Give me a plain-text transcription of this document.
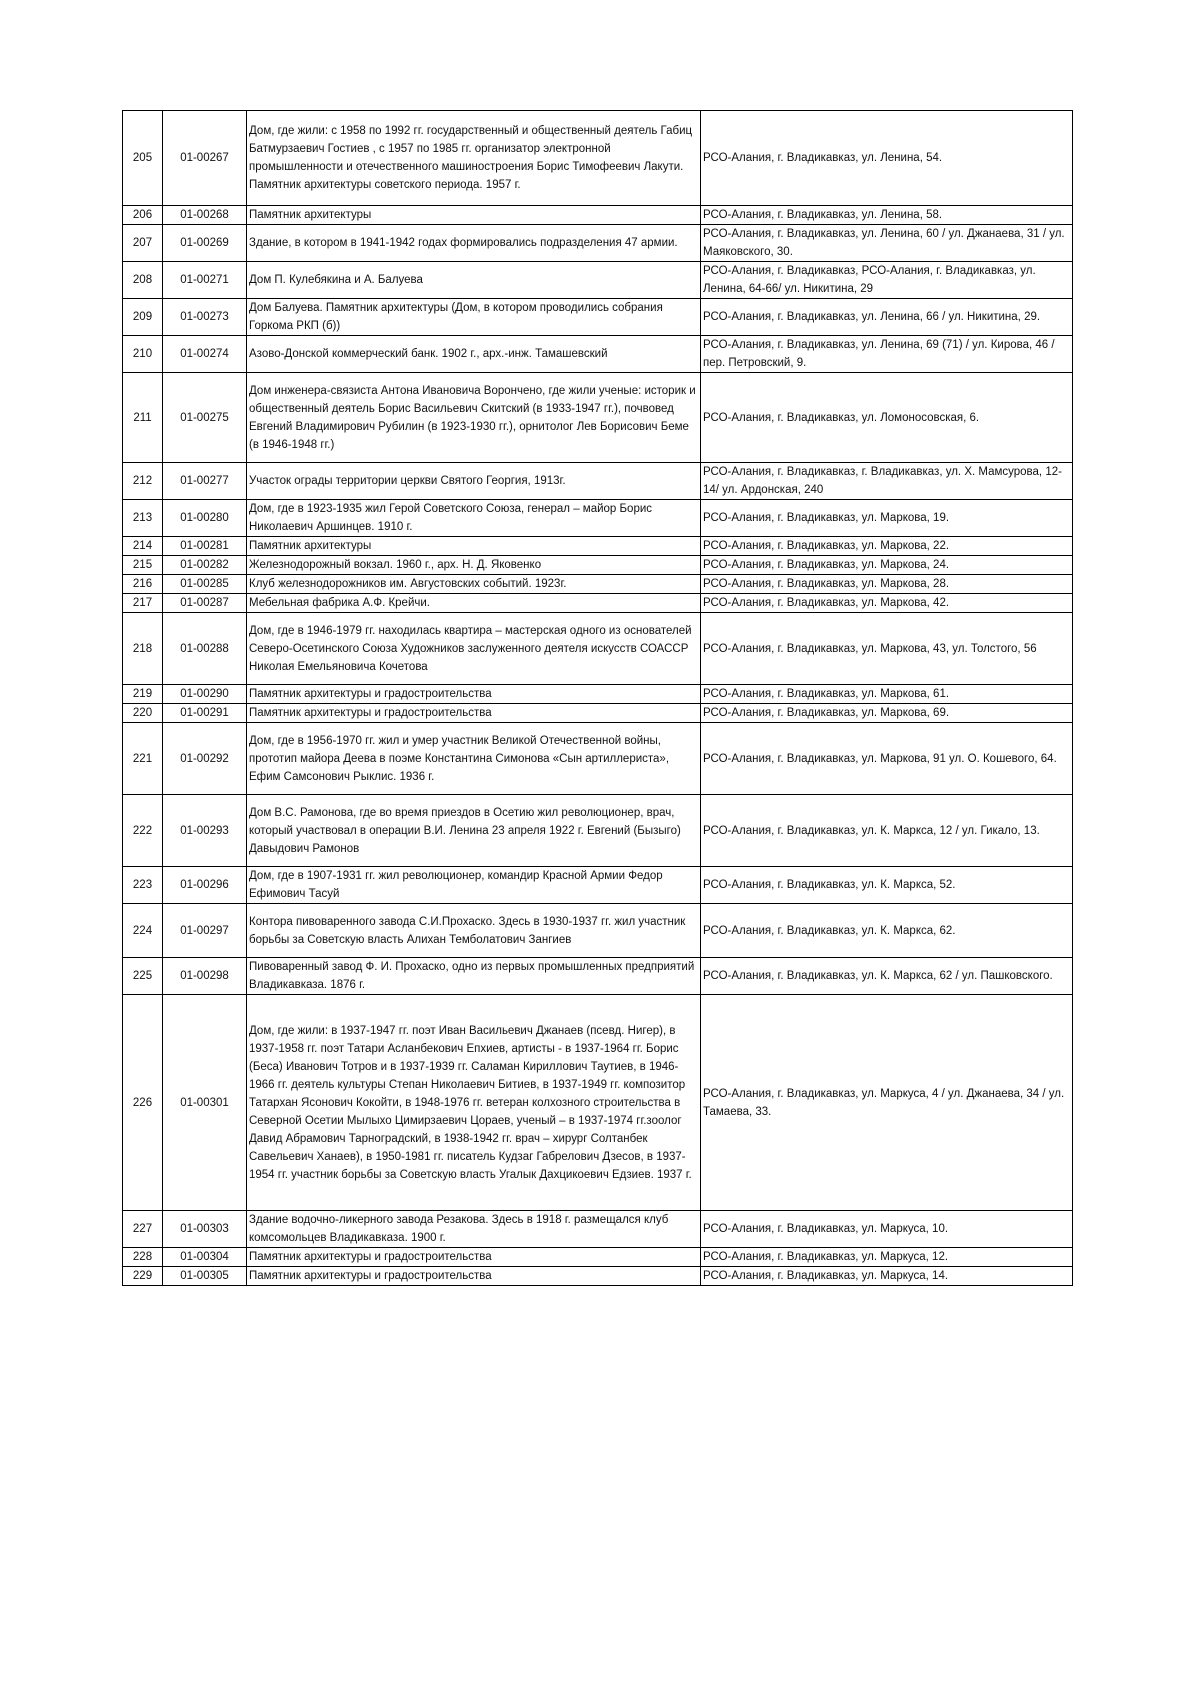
205	01-00267	Дом, где жили: с 1958 по 1992 гг. государственный и общественный деятель Габиц Батмурзаевич Гостиев , с 1957 по 1985 гг. организатор электронной промышленности и отечественного машиностроения Борис Тимофеевич Лакути. Памятник архитектуры советского периода. 1957 г.	РСО-Алания, г. Владикавказ, ул. Ленина, 54.
206	01-00268	Памятник архитектуры	РСО-Алания, г. Владикавказ, ул. Ленина, 58.
207	01-00269	Здание, в котором в 1941-1942 годах формировались подразделения 47 армии.	РСО-Алания, г. Владикавказ, ул. Ленина, 60 / ул. Джанаева, 31 / ул. Маяковского, 30.
208	01-00271	Дом П. Кулебякина и А. Балуева	РСО-Алания, г. Владикавказ, РСО-Алания, г. Владикавказ, ул. Ленина, 64-66/ ул. Никитина, 29
209	01-00273	Дом Балуева. Памятник архитектуры (Дом, в котором проводились собрания Горкома РКП (б))	РСО-Алания, г. Владикавказ, ул. Ленина, 66 / ул. Никитина, 29.
210	01-00274	Азово-Донской коммерческий банк. 1902 г., арх.-инж. Тамашевский	РСО-Алания, г. Владикавказ, ул. Ленина, 69 (71) / ул. Кирова, 46 / пер. Петровский, 9.
211	01-00275	Дом инженера-связиста Антона Ивановича Ворончено, где жили ученые: историк и общественный деятель Борис Васильевич Скитский (в 1933-1947 гг.), почвовед Евгений Владимирович Рубилин (в 1923-1930 гг.), орнитолог Лев Борисович Беме (в 1946-1948 гг.)	РСО-Алания, г. Владикавказ, ул. Ломоносовская, 6.
212	01-00277	Участок ограды территории церкви Святого Георгия, 1913г.	РСО-Алания, г. Владикавказ, г. Владикавказ, ул. Х. Мамсурова, 12-14/ ул. Ардонская, 240
213	01-00280	Дом, где в 1923-1935 жил Герой Советского Союза, генерал – майор Борис Николаевич Аршинцев. 1910 г.	РСО-Алания, г. Владикавказ, ул. Маркова, 19.
214	01-00281	Памятник архитектуры	РСО-Алания, г. Владикавказ, ул. Маркова, 22.
215	01-00282	Железнодорожный вокзал. 1960 г., арх. Н. Д. Яковенко	РСО-Алания, г. Владикавказ, ул. Маркова, 24.
216	01-00285	Клуб железнодорожников им. Августовских событий. 1923г.	РСО-Алания, г. Владикавказ, ул. Маркова, 28.
217	01-00287	Мебельная фабрика А.Ф. Крейчи.	РСО-Алания, г. Владикавказ, ул. Маркова, 42.
218	01-00288	Дом, где в 1946-1979 гг. находилась квартира – мастерская одного из основателей Северо-Осетинского Союза Художников заслуженного деятеля искусств СОАССР Николая Емельяновича Кочетова	РСО-Алания, г. Владикавказ, ул. Маркова, 43, ул. Толстого, 56
219	01-00290	Памятник архитектуры и градостроительства	РСО-Алания, г. Владикавказ, ул. Маркова, 61.
220	01-00291	Памятник архитектуры и градостроительства	РСО-Алания, г. Владикавказ, ул. Маркова, 69.
221	01-00292	Дом, где в 1956-1970 гг. жил и умер участник Великой Отечественной войны, прототип майора Деева в поэме Константина Симонова «Сын артиллериста», Ефим Самсонович Рыклис. 1936 г.	РСО-Алания, г. Владикавказ, ул. Маркова, 91 ул. О. Кошевого, 64.
222	01-00293	Дом В.С. Рамонова, где во время приездов в Осетию жил революционер, врач, который участвовал в операции В.И. Ленина 23 апреля 1922 г. Евгений (Бызыго) Давыдович Рамонов	РСО-Алания, г. Владикавказ, ул. К. Маркса, 12 / ул. Гикало, 13.
223	01-00296	Дом, где в 1907-1931 гг. жил революционер, командир Красной Армии Федор Ефимович Тасуй	РСО-Алания, г. Владикавказ, ул. К. Маркса, 52.
224	01-00297	Контора пивоваренного завода С.И.Прохаско. Здесь в 1930-1937 гг. жил участник борьбы за Советскую власть Алихан Темболатович Зангиев	РСО-Алания, г. Владикавказ, ул. К. Маркса, 62.
225	01-00298	Пивоваренный завод Ф. И. Прохаско, одно из первых промышленных предприятий Владикавказа. 1876 г.	РСО-Алания, г. Владикавказ, ул. К. Маркса, 62 / ул. Пашковского.
226	01-00301	Дом, где жили: в 1937-1947 гг. поэт Иван Васильевич Джанаев (псевд. Нигер), в 1937-1958 гг. поэт Татари Асланбекович Епхиев, артисты - в 1937-1964 гг. Борис (Беса) Иванович Тотров и в 1937-1939 гг. Саламан Кириллович Таутиев, в 1946-1966 гг. деятель культуры Степан Николаевич Битиев, в 1937-1949 гг. композитор Татархан Ясонович Кокойти, в 1948-1976 гг. ветеран колхозного строительства в Северной Осетии Мылыхо Цимирзаевич Цораев, ученый – в 1937-1974 гг.зоолог Давид Абрамович Тарноградский, в 1938-1942 гг. врач – хирург Солтанбек Савельевич Ханаев), в 1950-1981 гг. писатель Кудзаг Габрелович Дзесов, в 1937-1954 гг. участник борьбы за Советскую власть Угалык Дахцикоевич Едзиев. 1937 г.	РСО-Алания, г. Владикавказ, ул. Маркуса, 4 / ул. Джанаева, 34 / ул. Тамаева, 33.
227	01-00303	Здание водочно-ликерного завода Резакова. Здесь в 1918 г. размещался клуб комсомольцев Владикавказа. 1900 г.	РСО-Алания, г. Владикавказ, ул. Маркуса, 10.
228	01-00304	Памятник архитектуры и градостроительства	РСО-Алания, г. Владикавказ, ул. Маркуса, 12.
229	01-00305	Памятник архитектуры и градостроительства	РСО-Алания, г. Владикавказ, ул. Маркуса, 14.
